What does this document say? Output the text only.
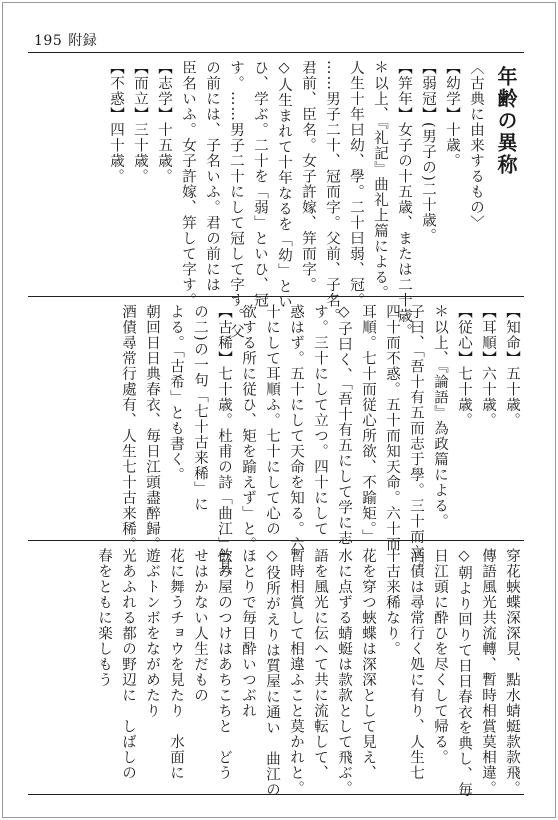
195 附録
〈古典に由来するもの〉
【幼学】十歳。
【弱冠】(男子の)二十歳。
【笄年】女子の十五歳、または二十歳。
＊以上、『礼記』曲礼上篇による。
人生十年曰幼、學。二十曰弱、冠。
……男子二十、冠而字。父前、子名。
君前、臣名。女子許嫁、笄而字。
◇人生まれて十年なるを「幼」とい
ひ、学ぶ。二十を「弱」といひ、冠
す。……男子二十にして冠して字す。父
の前には、子名いふ。君の前には
臣名いふ。女子許嫁、笄して字す。
【志学】十五歳。
【而立】三十歳。
【不惑】四十歳。	年齢の異称
【知命】五十歳。
【耳順】六十歳。
【従心】七十歳。
＊以上、『論語』為政篇による。
子曰、「吾十有五而志于學。三十而立。
四十而不惑。五十而知天命。六十而
耳順。七十而従心所欲、不踰矩。」
◇子曰く、「吾十有五にして学に志
す。三十にして立つ。四十にして
惑はず。五十にして天命を知る。六
十にして耳順ふ。七十にして心の
欲する所に従ひ、矩を踰えず」と。
【古稀】七十歳。杜甫の詩「曲江」(其
の二)の一句「七十古来稀」に
よる。「古希」とも書く。
朝回日日典春衣、毎日江頭盡醉歸。
酒債尋常行處有、人生七十古来稀。
穿花蛺蝶深深見、點水蜻蜓款款飛。
傳語風光共流轉、暫時相賞莫相違。
◇朝より回りて日日春衣を典し、毎
日江頭に酔ひを尽くして帰る。
酒債は尋常行く処に有り、人生七
十古来稀なり。
花を穿つ蛺蝶は深深として見え、
水に点ずる蜻蜓は款款として飛ぶ。
語を風光に伝へて共に流転して、
暫時相賞して相違ふこと莫かれと。
◇役所がえりは質屋に通い　曲江の
ほとりで毎日酔いつぶれ
飲み屋のつけはあちこちと　どう
せはかない人生だもの
花に舞うチョウを見たり　水面に
遊ぶトンボをながめたり
光あふれる都の野辺に　しばしの
春をともに楽しもう
